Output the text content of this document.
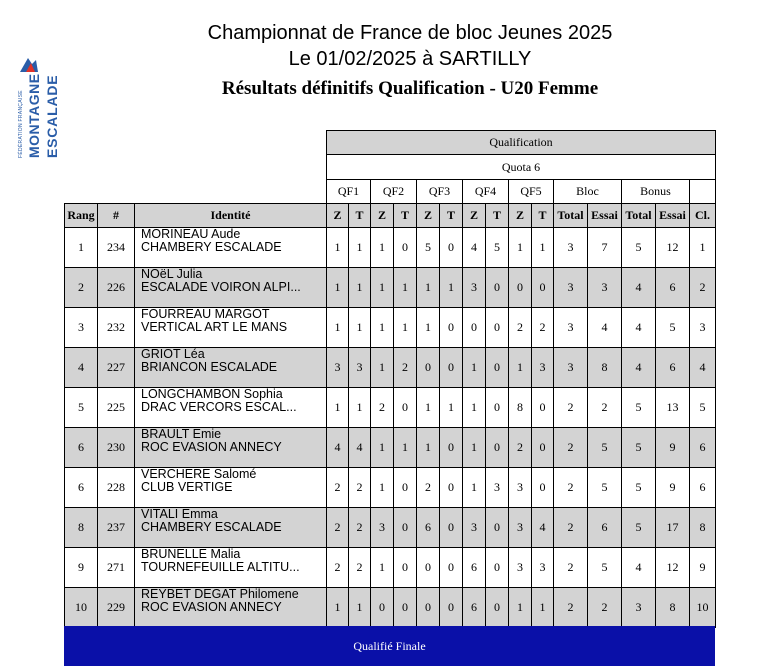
FÉDÉRATION FRANÇAISE MONTAGNE ESCALADE
Championnat de France de bloc Jeunes 2025
Le 01/02/2025 à SARTILLY
Résultats définitifs Qualification - U20 Femme
Qualification
Quota 6
QF1	QF2	QF3	QF4	QF5	Bloc	Bonus
Rang	#	Identité	Z	T	Z	T	Z	T	Z	T	Z	T Total Essai Total Essai Cl.
1	234
MORINEAU Aude
CHAMBERY ESCALADE	1	1	1	0	5	0	4	5	1	1	3	7	5	12	1
2	226
NOëL Julia
ESCALADE VOIRON ALPI...	1	1	1	1	1	1	3	0	0	0	3	3	4	6	2
3	232
FOURREAU MARGOT
VERTICAL ART LE MANS	1	1	1	1	1	0	0	0	2	2	3	4	4	5	3
4	227
GRIOT Léa
BRIANCON ESCALADE	3	3	1	2	0	0	1	0	1	3	3	8	4	6	4
5	225
LONGCHAMBON Sophia
DRAC VERCORS ESCAL...	1	1	2	0	1	1	1	0	8	0	2	2	5	13	5
6	230
BRAULT Emie
ROC EVASION ANNECY	4	4	1	1	1	0	1	0	2	0	2	5	5	9	6
6	228
VERCHERE Salomé
CLUB VERTIGE	2	2	1	0	2	0	1	3	3	0	2	5	5	9	6
8	237
VITALI Emma
CHAMBERY ESCALADE	2	2	3	0	6	0	3	0	3	4	2	6	5	17	8
9	271
BRUNELLE Malia
TOURNEFEUILLE ALTITU...	2	2	1	0	0	0	6	0	3	3	2	5	4	12	9
10	229
REYBET DEGAT Philomene
ROC EVASION ANNECY	1	1	0	0	0	0	6	0	1	1	2	2	3	8	10
Qualifié Finale
